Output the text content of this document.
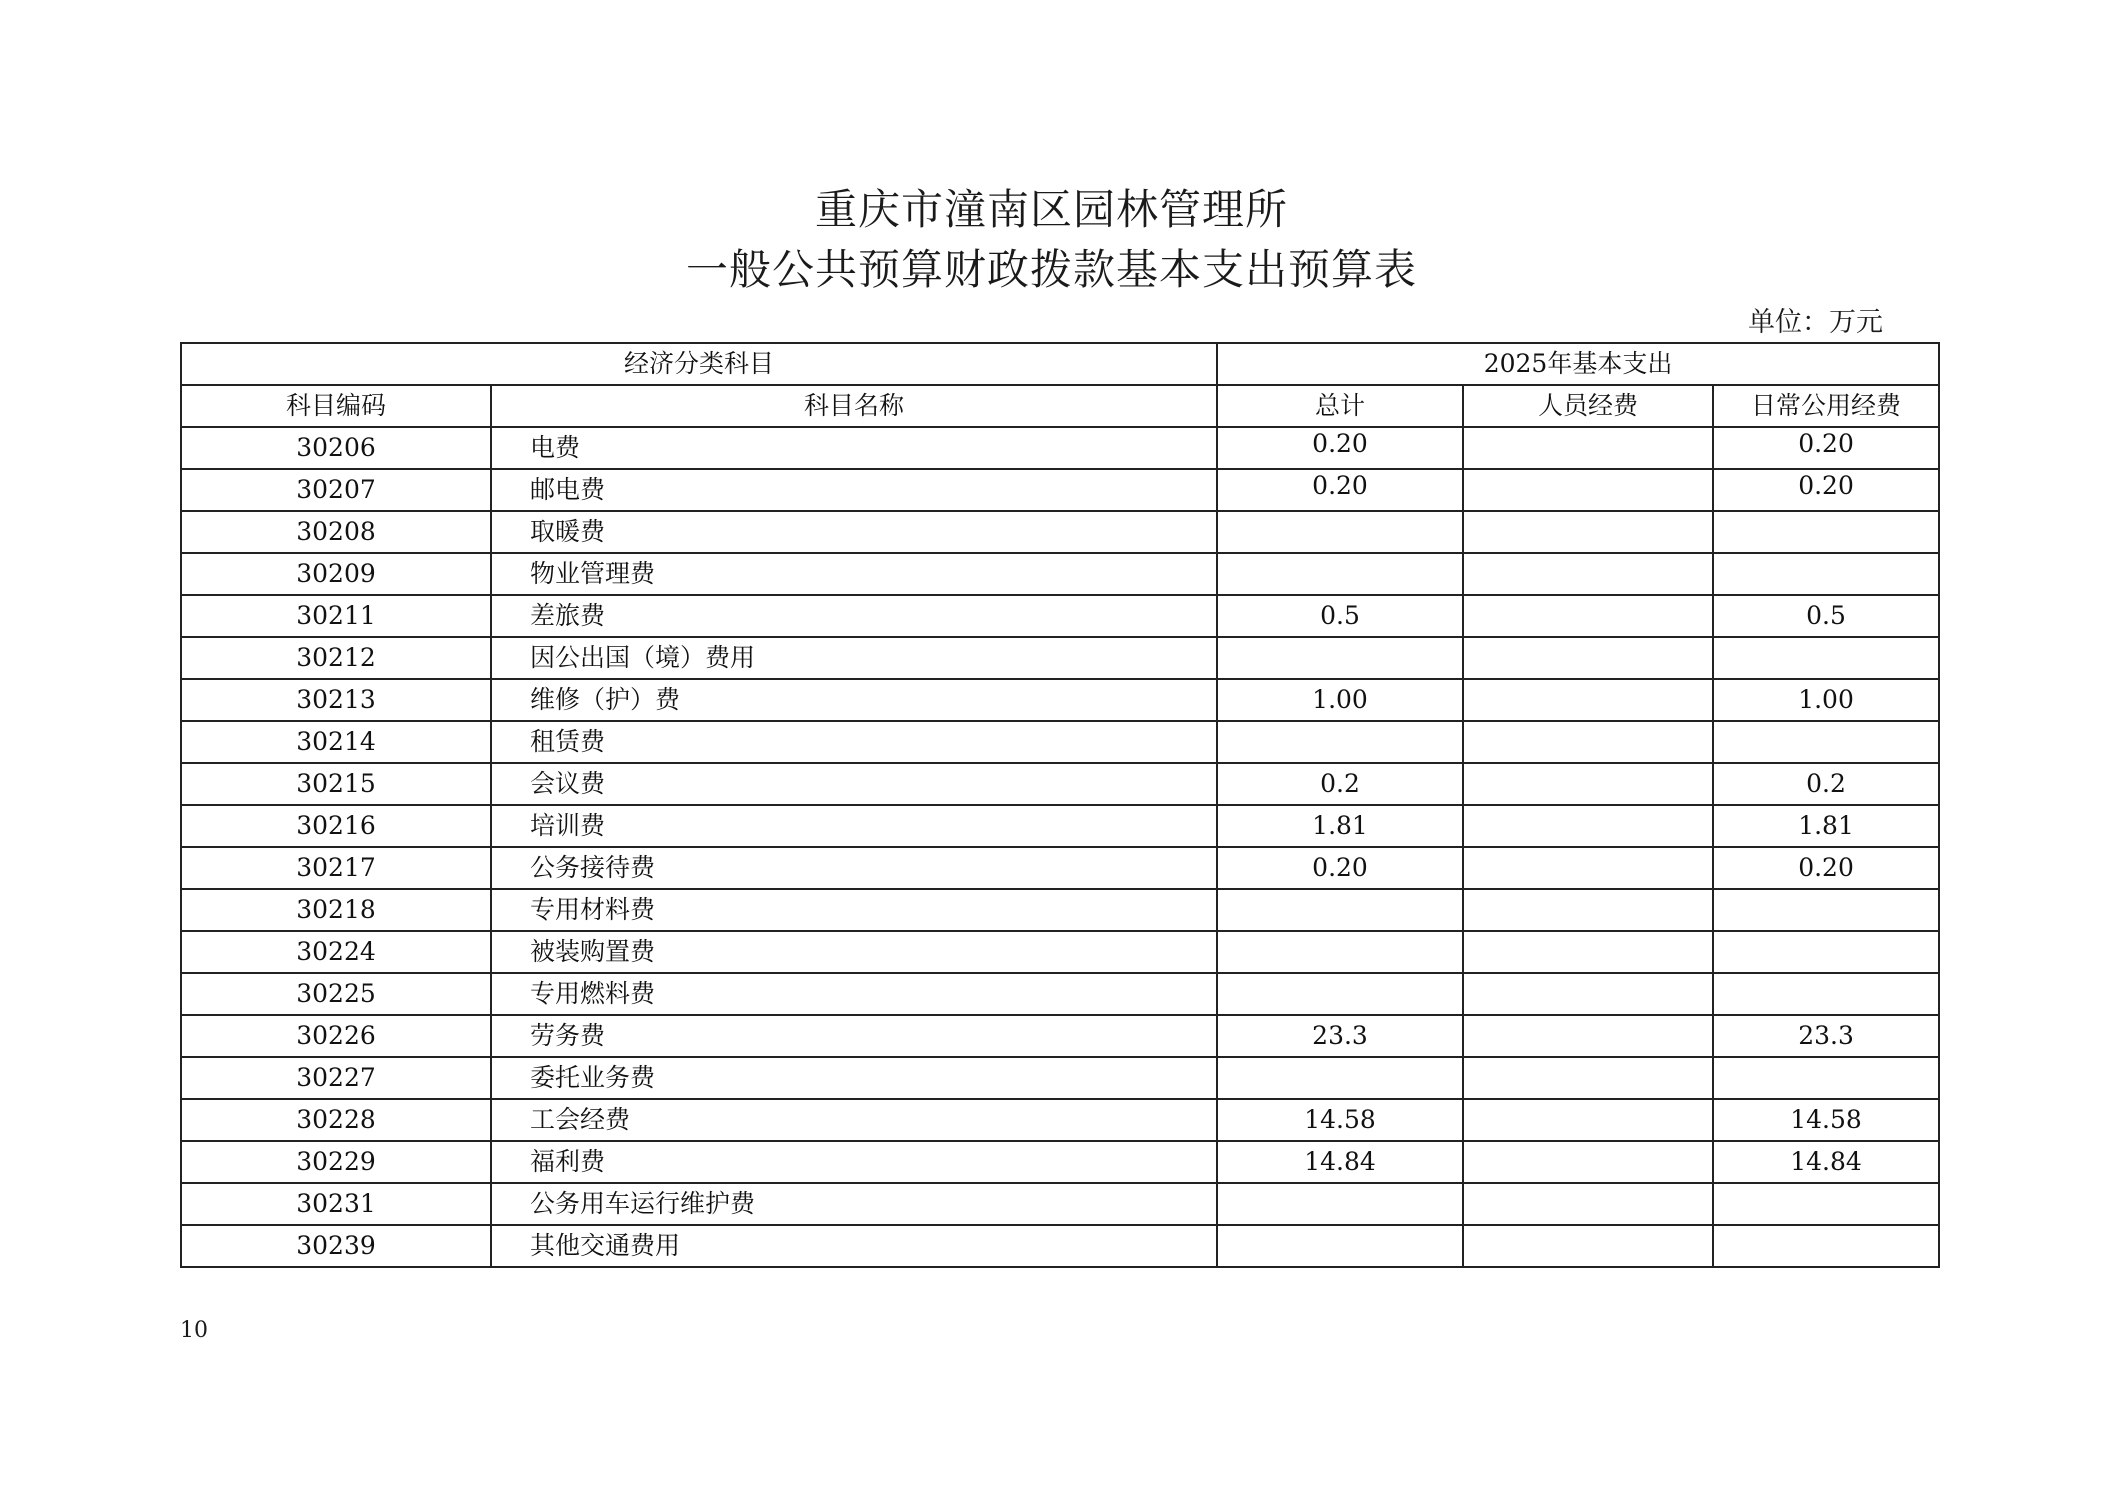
重庆市潼南区园林管理所
一般公共预算财政拨款基本支出预算表
单位：万元
经济分类科目		2025年基本支出		
科目编码	科目名称	总计	人员经费	日常公用经费
30206	电费	0.20		0.20
30207	邮电费	0.20		0.20
30208	取暖费			
30209	物业管理费			
30211	差旅费	0.5		0.5
30212	因公出国（境）费用			
30213	维修（护）费	1.00		1.00
30214	租赁费			
30215	会议费	0.2		0.2
30216	培训费	1.81		1.81
30217	公务接待费	0.20		0.20
30218	专用材料费			
30224	被装购置费			
30225	专用燃料费			
30226	劳务费	23.3		23.3
30227	委托业务费			
30228	工会经费	14.58		14.58
30229	福利费	14.84		14.84
30231	公务用车运行维护费			
30239	其他交通费用			
10
